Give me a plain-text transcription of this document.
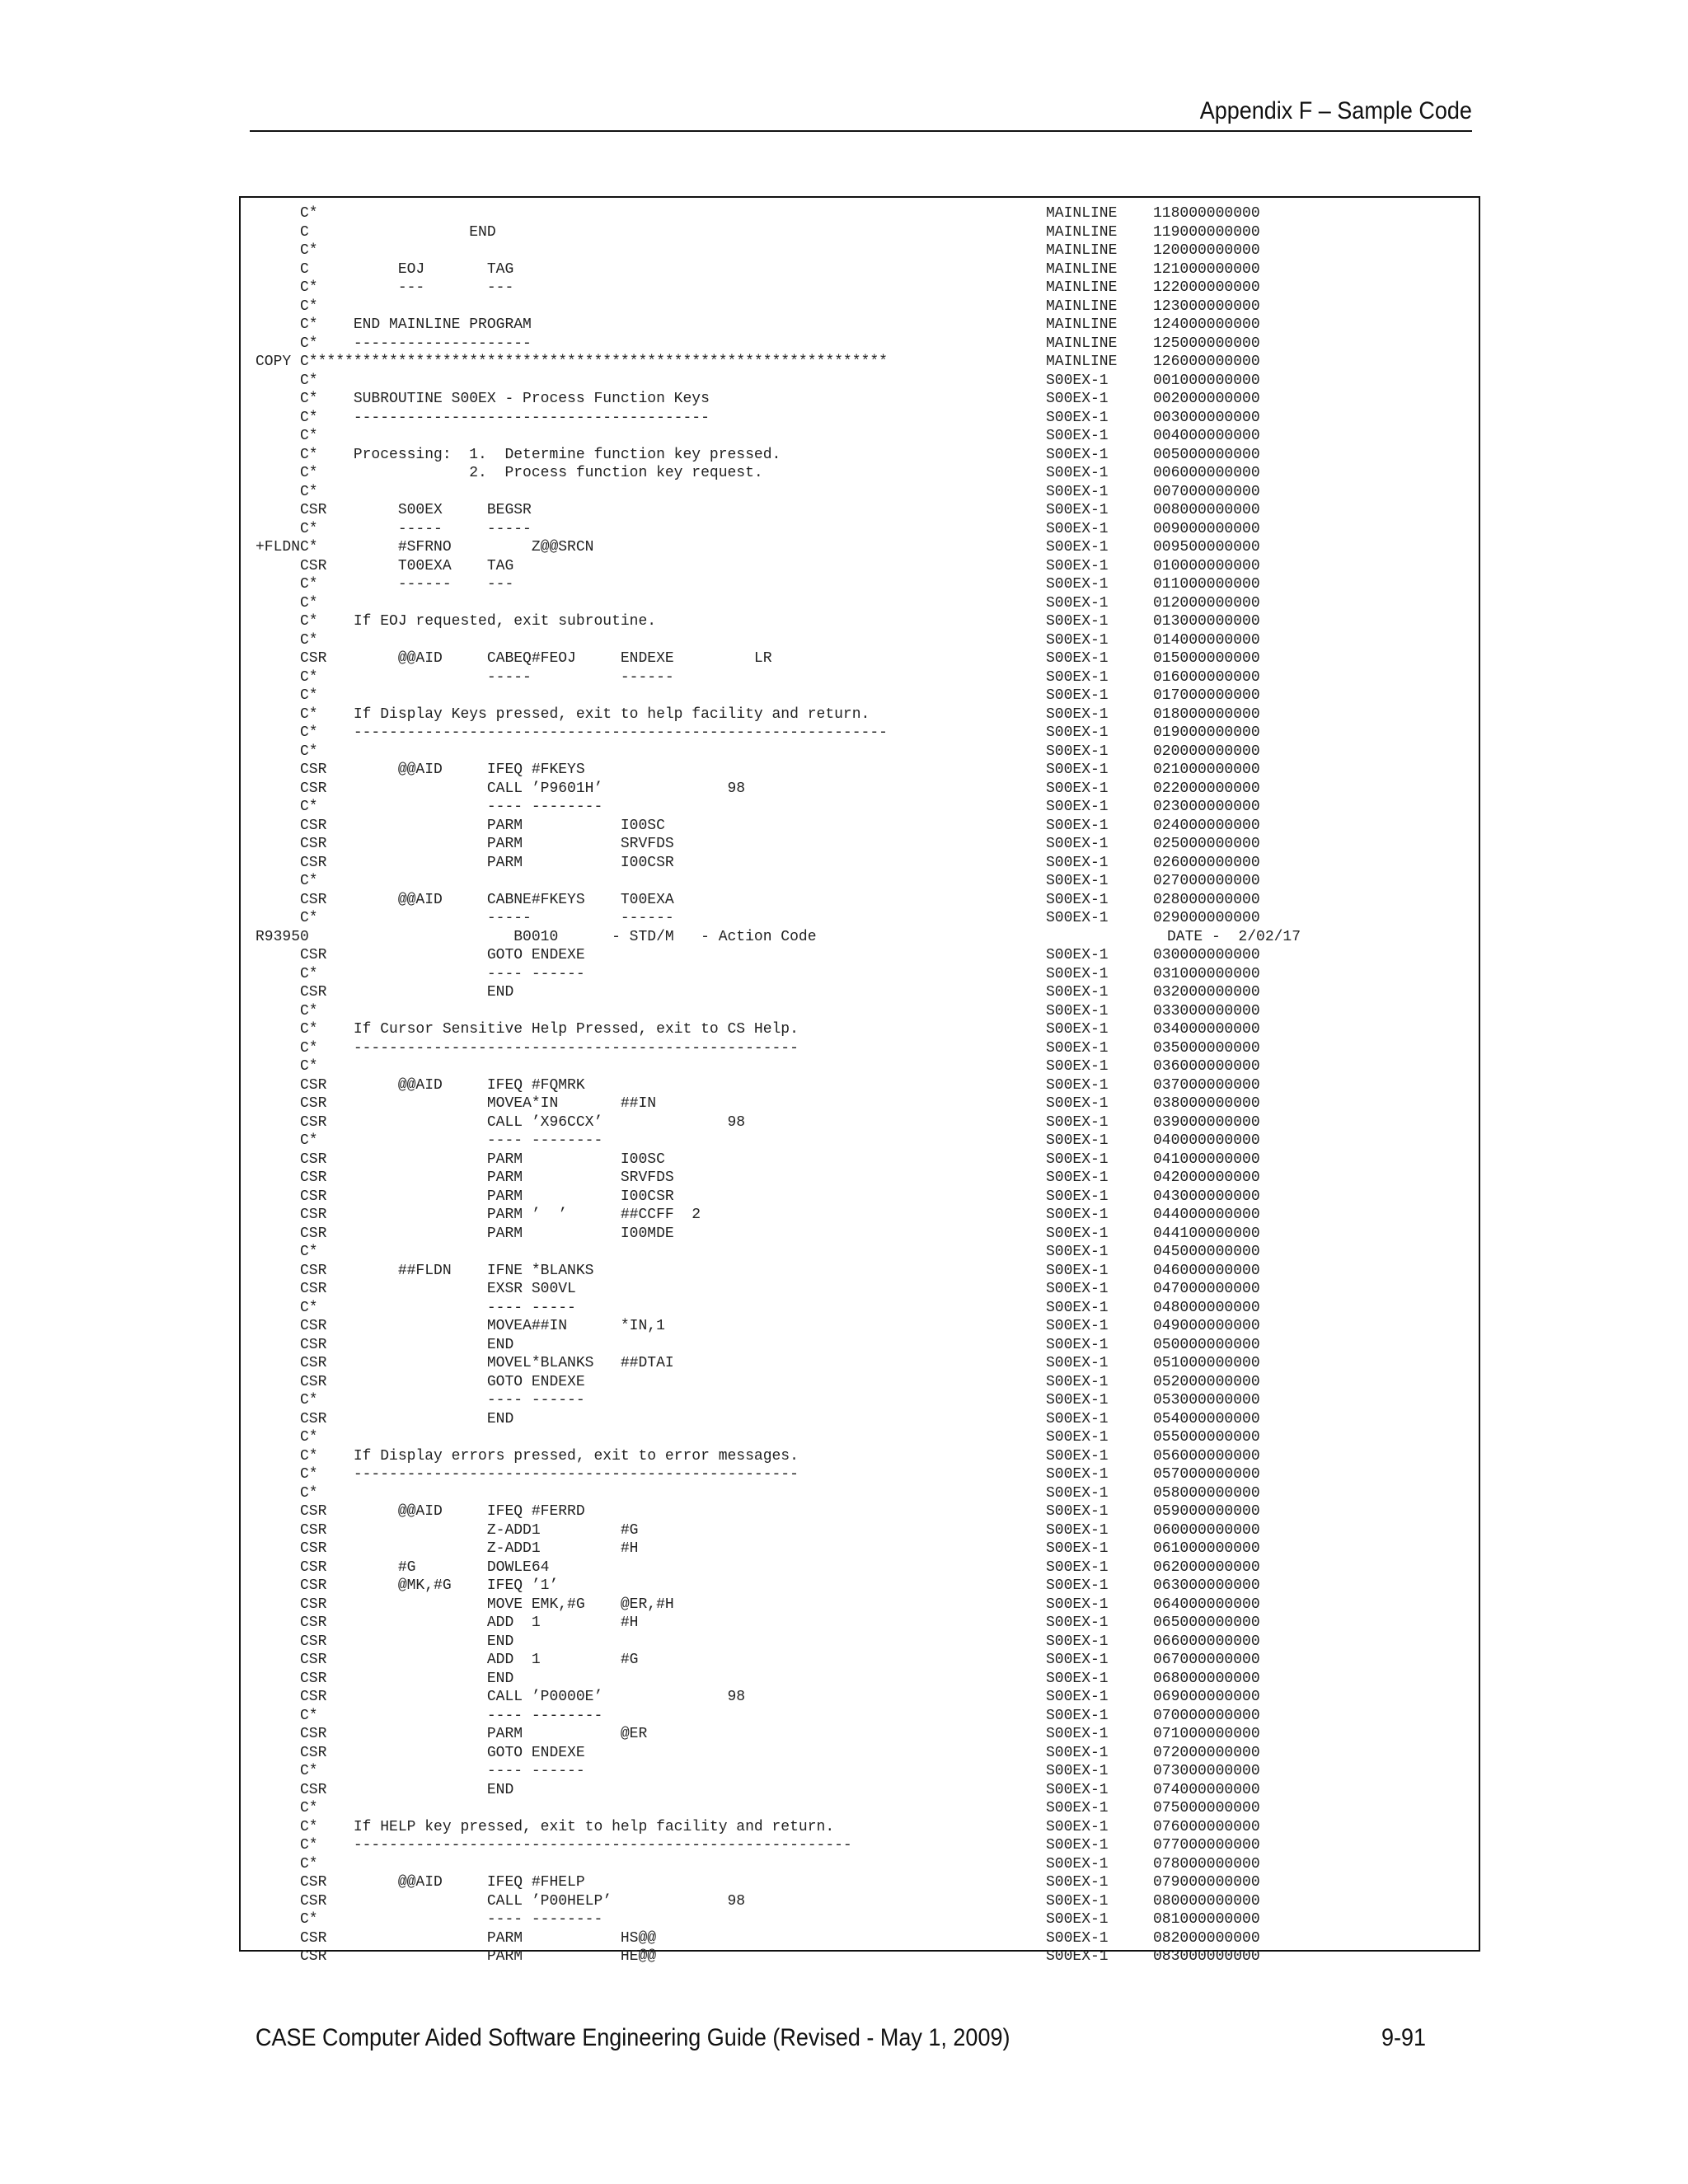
Appendix F – Sample Code
C*	MAINLINE 118000000000
C                  END	MAINLINE 119000000000
C*	MAINLINE 120000000000
C          EOJ       TAG	MAINLINE 121000000000
C*         ---       ---	MAINLINE 122000000000
C*	MAINLINE 123000000000
C*    END MAINLINE PROGRAM	MAINLINE 124000000000
C*    --------------------	MAINLINE 125000000000
COPY C*****************************************************************	MAINLINE 126000000000
C*	S00EX-1	001000000000
C*    SUBROUTINE S00EX - Process Function Keys	S00EX-1	002000000000
C*    ----------------------------------------	S00EX-1	003000000000
C*	S00EX-1	004000000000
C*    Processing:  1.  Determine function key pressed.	S00EX-1	005000000000
C*                 2.  Process function key request.	S00EX-1	006000000000
C*	S00EX-1	007000000000
CSR        S00EX     BEGSR	S00EX-1	008000000000
C*         -----     -----	S00EX-1	009000000000
+FLDNC*         #SFRNO         Z@@SRCN	S00EX-1	009500000000
CSR        T00EXA    TAG	S00EX-1	010000000000
C*         ------    ---	S00EX-1	011000000000
C*	S00EX-1	012000000000
C*    If EOJ requested, exit subroutine.	S00EX-1	013000000000
C*	S00EX-1	014000000000
CSR        @@AID     CABEQ#FEOJ     ENDEXE         LR	S00EX-1	015000000000
C*                   -----          ------	S00EX-1	016000000000
C*	S00EX-1	017000000000
C*    If Display Keys pressed, exit to help facility and return.	S00EX-1	018000000000
C*    ------------------------------------------------------------	S00EX-1	019000000000
C*	S00EX-1	020000000000
CSR        @@AID     IFEQ #FKEYS	S00EX-1	021000000000
CSR                  CALL ’P9601H’              98	S00EX-1	022000000000
C*                   ---- --------	S00EX-1	023000000000
CSR                  PARM           I00SC	S00EX-1	024000000000
CSR                  PARM           SRVFDS	S00EX-1	025000000000
CSR                  PARM           I00CSR	S00EX-1	026000000000
C*	S00EX-1	027000000000
CSR        @@AID     CABNE#FKEYS    T00EXA	S00EX-1	028000000000
C*                   -----          ------	S00EX-1	029000000000
R93950                       B0010      - STD/M   - Action Code	DATE -  2/02/17
CSR                  GOTO ENDEXE	S00EX-1	030000000000
C*                   ---- ------	S00EX-1	031000000000
CSR                  END	S00EX-1	032000000000
C*	S00EX-1	033000000000
C*    If Cursor Sensitive Help Pressed, exit to CS Help.	S00EX-1	034000000000
C*    --------------------------------------------------	S00EX-1	035000000000
C*	S00EX-1	036000000000
CSR        @@AID     IFEQ #FQMRK	S00EX-1	037000000000
CSR                  MOVEA*IN       ##IN	S00EX-1	038000000000
CSR                  CALL ’X96CCX’              98	S00EX-1	039000000000
C*                   ---- --------	S00EX-1	040000000000
CSR                  PARM           I00SC	S00EX-1	041000000000
CSR                  PARM           SRVFDS	S00EX-1	042000000000
CSR                  PARM           I00CSR	S00EX-1	043000000000
CSR                  PARM ’  ’      ##CCFF  2	S00EX-1	044000000000
CSR                  PARM           I00MDE	S00EX-1	044100000000
C*	S00EX-1	045000000000
CSR        ##FLDN    IFNE *BLANKS	S00EX-1	046000000000
CSR                  EXSR S00VL	S00EX-1	047000000000
C*                   ---- -----	S00EX-1	048000000000
CSR                  MOVEA##IN      *IN,1	S00EX-1	049000000000
CSR                  END	S00EX-1	050000000000
CSR                  MOVEL*BLANKS   ##DTAI	S00EX-1	051000000000
CSR                  GOTO ENDEXE	S00EX-1	052000000000
C*                   ---- ------	S00EX-1	053000000000
CSR                  END	S00EX-1	054000000000
C*	S00EX-1	055000000000
C*    If Display errors pressed, exit to error messages.	S00EX-1	056000000000
C*    --------------------------------------------------	S00EX-1	057000000000
C*	S00EX-1	058000000000
CSR        @@AID     IFEQ #FERRD	S00EX-1	059000000000
CSR                  Z-ADD1         #G	S00EX-1	060000000000
CSR                  Z-ADD1         #H	S00EX-1	061000000000
CSR        #G        DOWLE64	S00EX-1	062000000000
CSR        @MK,#G    IFEQ ’1’	S00EX-1	063000000000
CSR                  MOVE EMK,#G    @ER,#H	S00EX-1	064000000000
CSR                  ADD  1         #H	S00EX-1	065000000000
CSR                  END	S00EX-1	066000000000
CSR                  ADD  1         #G	S00EX-1	067000000000
CSR                  END	S00EX-1	068000000000
CSR                  CALL ’P0000E’              98	S00EX-1	069000000000
C*                   ---- --------	S00EX-1	070000000000
CSR                  PARM           @ER	S00EX-1	071000000000
CSR                  GOTO ENDEXE	S00EX-1	072000000000
C*                   ---- ------	S00EX-1	073000000000
CSR                  END	S00EX-1	074000000000
C*	S00EX-1	075000000000
C*    If HELP key pressed, exit to help facility and return.	S00EX-1	076000000000
C*    --------------------------------------------------------	S00EX-1	077000000000
C*	S00EX-1	078000000000
CSR        @@AID     IFEQ #FHELP	S00EX-1	079000000000
CSR                  CALL ’P00HELP’             98	S00EX-1	080000000000
C*                   ---- --------	S00EX-1	081000000000
CSR                  PARM           HS@@	S00EX-1	082000000000
CSR                  PARM           HE@@	S00EX-1	083000000000
CASE Computer Aided Software Engineering Guide (Revised - May 1, 2009)	9-91
